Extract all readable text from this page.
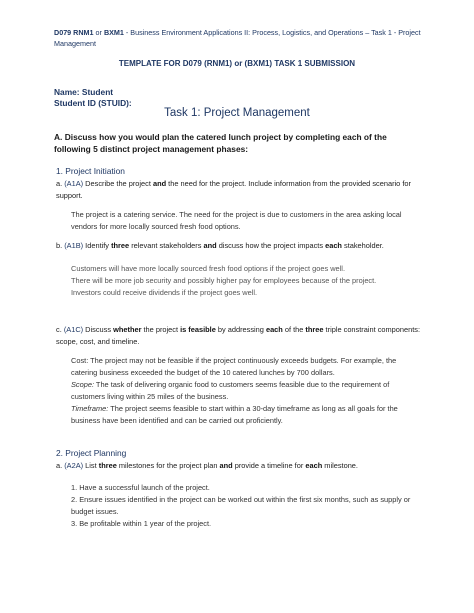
D079 RNM1 or BXM1 - Business Environment Applications II: Process, Logistics, and Operations – Task 1 - Project Management
TEMPLATE FOR D079 (RNM1) or (BXM1) TASK 1 SUBMISSION
Name: Student
Student ID (STUID):
Task 1: Project Management
A. Discuss how you would plan the catered lunch project by completing each of the following 5 distinct project management phases:
1. Project Initiation
a. (A1A) Describe the project and the need for the project. Include information from the provided scenario for support.
The project is a catering service. The need for the project is due to customers in the area asking local vendors for more locally sourced fresh food options.
b. (A1B) Identify three relevant stakeholders and discuss how the project impacts each stakeholder.
Customers will have more locally sourced fresh food options if the project goes well.
There will be more job security and possibly higher pay for employees because of the project.
Investors could receive dividends if the project goes well.
c. (A1C) Discuss whether the project is feasible by addressing each of the three triple constraint components: scope, cost, and timeline.
Cost: The project may not be feasible if the project continuously exceeds budgets. For example, the catering business exceeded the budget of the 10 catered lunches by 700 dollars.
Scope: The task of delivering organic food to customers seems feasible due to the requirement of customers living within 25 miles of the business.
Timeframe: The project seems feasible to start within a 30-day timeframe as long as all goals for the business have been identified and can be carried out proficiently.
2. Project Planning
a. (A2A) List three milestones for the project plan and provide a timeline for each milestone.
1. Have a successful launch of the project.
2. Ensure issues identified in the project can be worked out within the first six months, such as supply or budget issues.
3. Be profitable within 1 year of the project.
